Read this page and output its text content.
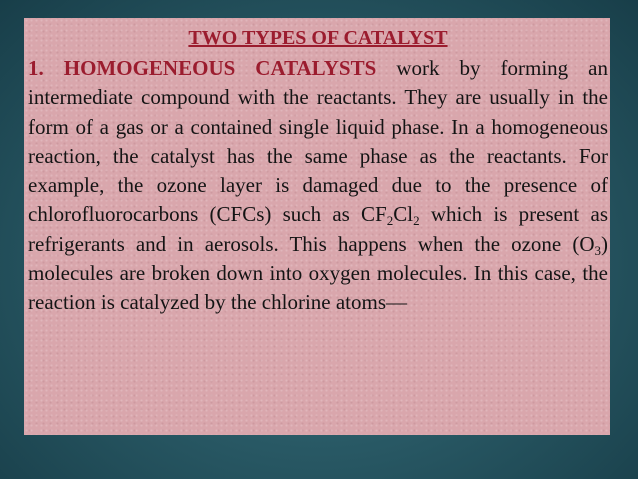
TWO TYPES OF CATALYST

1. HOMOGENEOUS CATALYSTS work by forming an intermediate compound with the reactants. They are usually in the form of a gas or a contained single liquid phase. In a homogeneous reaction, the catalyst has the same phase as the reactants. For example, the ozone layer is damaged due to the presence of chlorofluorocarbons (CFCs) such as $CF_2Cl_2$ which is present as refrigerants and in aerosols. This happens when the ozone $(O_3)$ molecules are broken down into oxygen molecules. In this case, the reaction is catalyzed by the chlorine atoms—
